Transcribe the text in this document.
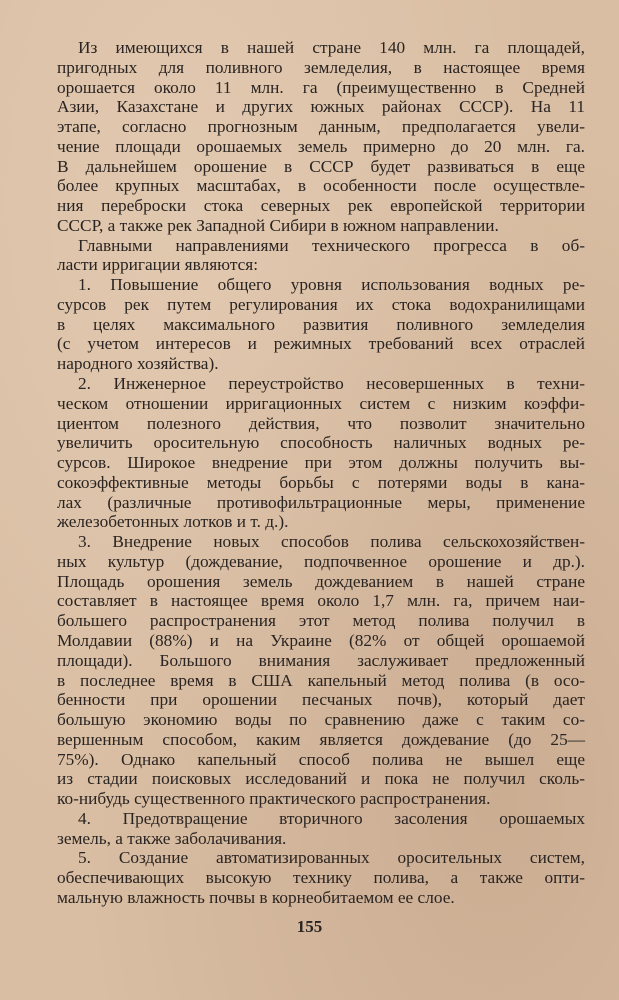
Из имеющихся в нашей стране 140 млн. га площадей,
пригодных для поливного земледелия, в настоящее время
орошается около 11 млн. га (преимущественно в Средней
Азии, Казахстане и других южных районах СССР). На 11
этапе, согласно прогнозным данным, предполагается увели-
чение площади орошаемых земель примерно до 20 млн. га.
В дальнейшем орошение в СССР будет развиваться в еще
более крупных масштабах, в особенности после осуществле-
ния переброски стока северных рек европейской территории
СССР, а также рек Западной Сибири в южном направлении.
Главными направлениями технического прогресса в об-
ласти ирригации являются:
1. Повышение общего уровня использования водных ре-
сурсов рек путем регулирования их стока водохранилищами
в целях максимального развития поливного земледелия
(с учетом интересов и режимных требований всех отраслей
народного хозяйства).
2. Инженерное переустройство несовершенных в техни-
ческом отношении ирригационных систем с низким коэффи-
циентом полезного действия, что позволит значительно
увеличить оросительную способность наличных водных ре-
сурсов. Широкое внедрение при этом должны получить вы-
сокоэффективные методы борьбы с потерями воды в кана-
лах (различные противофильтрационные меры, применение
железобетонных лотков и т. д.).
3. Внедрение новых способов полива сельскохозяйствен-
ных культур (дождевание, подпочвенное орошение и др.).
Площадь орошения земель дождеванием в нашей стране
составляет в настоящее время около 1,7 млн. га, причем наи-
большего распространения этот метод полива получил в
Молдавии (88%) и на Украине (82% от общей орошаемой
площади). Большого внимания заслуживает предложенный
в последнее время в США капельный метод полива (в осо-
бенности при орошении песчаных почв), который дает
большую экономию воды по сравнению даже с таким со-
вершенным способом, каким является дождевание (до 25—
75%). Однако капельный способ полива не вышел еще
из стадии поисковых исследований и пока не получил сколь-
ко-нибудь существенного практического распространения.
4. Предотвращение вторичного засоления орошаемых
земель, а также заболачивания.
5. Создание автоматизированных оросительных систем,
обеспечивающих высокую технику полива, а также опти-
мальную влажность почвы в корнеобитаемом ее слое.
155
